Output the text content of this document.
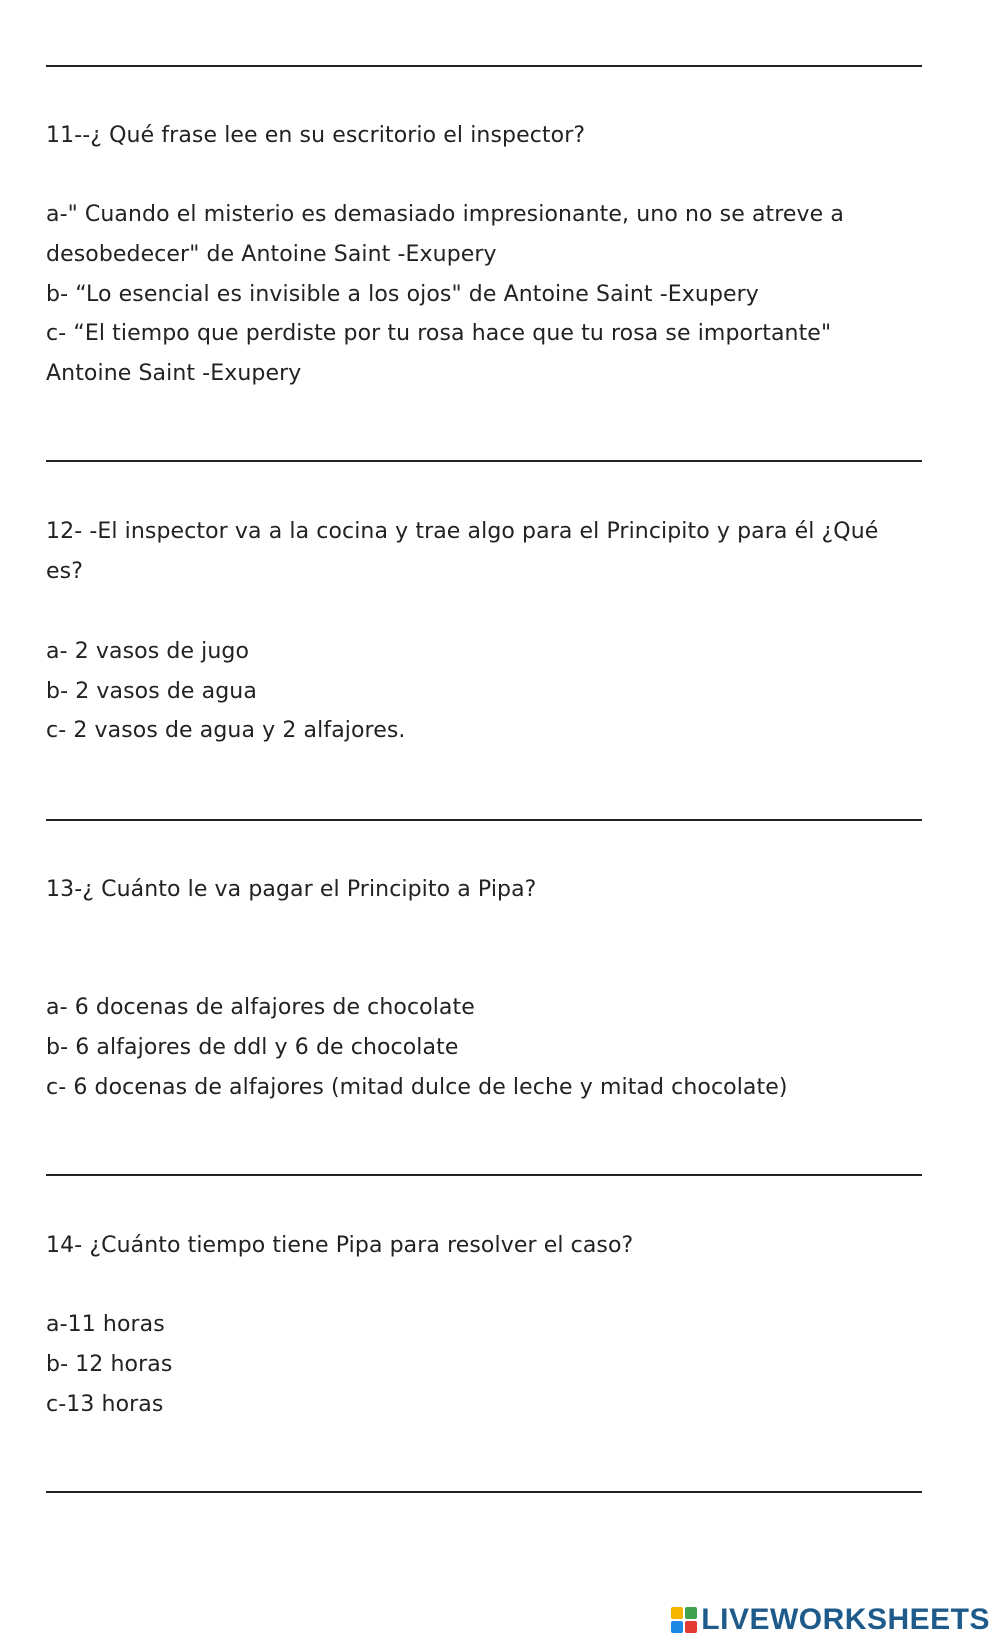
11--¿ Qué frase lee en su escritorio el inspector?
a-" Cuando el misterio es demasiado impresionante, uno no se atreve a
desobedecer" de Antoine Saint -Exupery
b- “Lo esencial es invisible a los ojos" de Antoine Saint -Exupery
c- “El tiempo que perdiste por tu rosa hace que tu rosa se importante"
Antoine Saint -Exupery
12- -El inspector va a la cocina y trae algo para el Principito y para él ¿Qué
es?
a- 2 vasos de jugo
b- 2 vasos de agua
c- 2 vasos de agua y 2 alfajores.
13-¿ Cuánto le va pagar el Principito a Pipa?
a- 6 docenas de alfajores de chocolate
b- 6 alfajores de ddl y 6 de chocolate
c- 6 docenas de alfajores (mitad dulce de leche y mitad chocolate)
14- ¿Cuánto tiempo tiene Pipa para resolver el caso?
a-11 horas
b- 12 horas
c-13 horas
LIVEWORKSHEETS
